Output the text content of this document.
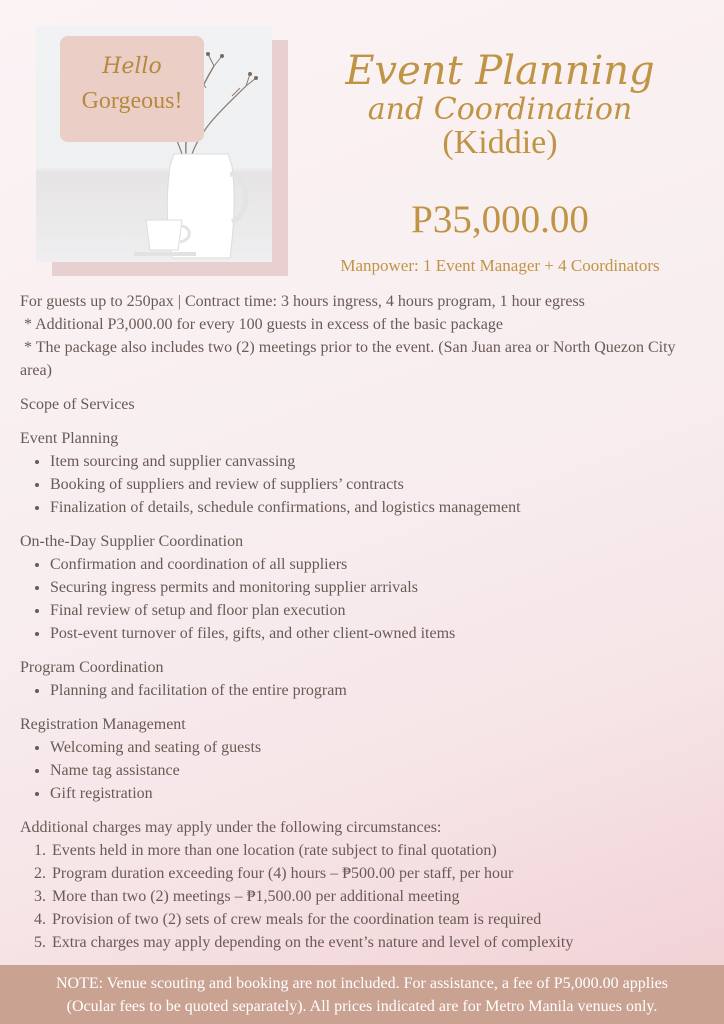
Hello
Gorgeous!
Event Planning
and Coordination
(Kiddie)
P35,000.00
Manpower: 1 Event Manager + 4 Coordinators

For guests up to 250pax | Contract time: 3 hours ingress, 4 hours program, 1 hour egress

* Additional P3,000.00 for every 100 guests in excess of the basic package

* The package also includes two (2) meetings prior to the event. (San Juan area or North Quezon City area)

Scope of Services

Event Planning

• Item sourcing and supplier canvassing
• Booking of suppliers and review of suppliers’ contracts
• Finalization of details, schedule confirmations, and logistics management

On-the-Day Supplier Coordination

• Confirmation and coordination of all suppliers
• Securing ingress permits and monitoring supplier arrivals
• Final review of setup and floor plan execution
• Post-event turnover of files, gifts, and other client-owned items

Program Coordination

• Planning and facilitation of the entire program

Registration Management

• Welcoming and seating of guests
• Name tag assistance
• Gift registration

Additional charges may apply under the following circumstances:

1. Events held in more than one location (rate subject to final quotation)
2. Program duration exceeding four (4) hours – ₱500.00 per staff, per hour
3. More than two (2) meetings – ₱1,500.00 per additional meeting
4. Provision of two (2) sets of crew meals for the coordination team is required
5. Extra charges may apply depending on the event’s nature and level of complexity
NOTE: Venue scouting and booking are not included. For assistance, a fee of P5,000.00 applies
(Ocular fees to be quoted separately). All prices indicated are for Metro Manila venues only.
